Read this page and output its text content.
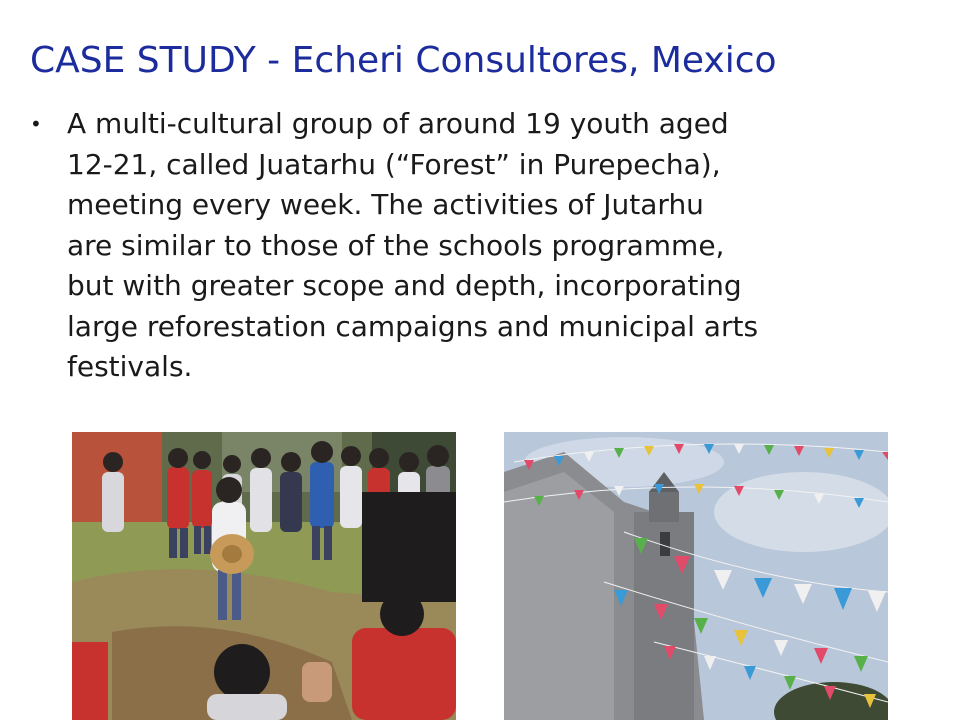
CASE STUDY - Echeri Consultores, Mexico
• A multi-cultural group of around 19 youth aged
12-21, called Juatarhu (“Forest” in Purepecha),
meeting every week. The activities of Jutarhu
are similar to those of the schools programme,
but with greater scope and depth, incorporating
large reforestation campaigns and municipal arts
festivals.
